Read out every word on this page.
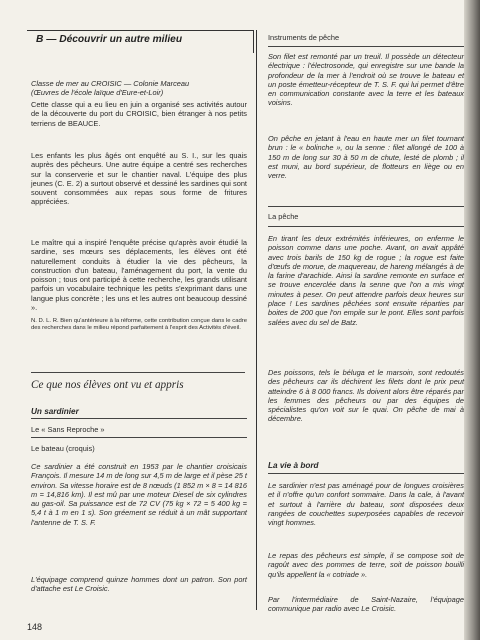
B — Découvrir un autre milieu
Classe de mer au CROISIC — Colonie Marceau
(Œuvres de l'école laïque d'Eure-et-Loir)

Cette classe qui a eu lieu en juin a organisé ses activités autour de la découverte du port du CROISIC, bien étranger à nos petits terriens de BEAUCE.

Les enfants les plus âgés ont enquêté au S. I., sur les quais auprès des pêcheurs. Une autre équipe a centré ses recherches sur la conserverie et sur le chantier naval. L'équipe des plus jeunes (C. E. 2) a surtout observé et dessiné les sardines qui sont souvent consommées aux repas sous forme de fritures appréciées.

Le maître qui a inspiré l'enquête précise qu'après avoir étudié la sardine, ses mœurs ses déplacements, les élèves ont été naturellement conduits à étudier la vie des pêcheurs, la construction d'un bateau, l'aménagement du port, la vente du poisson ; tous ont participé à cette recherche, les grands utilisant parfois un vocabulaire technique les petits s'exprimant dans une langue plus concrète ; les uns et les autres ont beaucoup dessiné ».

N. D. L. R. Bien qu'antérieure à la réforme, cette contribution conçue dans le cadre des recherches dans le milieu répond parfaitement à l'esprit des Activités d'éveil.

Ce que nos élèves ont vu et appris
Un sardinier
Le « Sans Reproche »
Le bateau (croquis)

Ce sardinier a été construit en 1953 par le chantier croisicais François. Il mesure 14 m de long sur 4,5 m de large et il pèse 25 t environ. Sa vitesse horaire est de 8 nœuds (1 852 m × 8 = 14 816 m = 14,816 km). Il est mû par une moteur Diesel de six cylindres au gas-oil. Sa puissance est de 72 CV (75 kg × 72 = 5 400 kg = 5,4 t à 1 m en 1 s). Son gréement se réduit à un mât supportant l'antenne de T. S. F.

L'équipage comprend quinze hommes dont un patron. Son port d'attache est Le Croisic.

Instruments de pêche

Son filet est remonté par un treuil. Il possède un détecteur électrique : l'électrosonde, qui enregistre sur une bande la profondeur de la mer à l'endroit où se trouve le bateau et un poste émetteur-récepteur de T. S. F. qui lui permet d'être en communication constante avec la terre et les bateaux voisins.

On pêche en jetant à l'eau en haute mer un filet tournant brun : le « bolinche », ou la senne : filet allongé de 100 à 150 m de long sur 30 à 50 m de chute, lesté de plomb ; il est muni, au bord supérieur, de flotteurs en liège ou en verre.

La pêche

En tirant les deux extrémités inférieures, on enferme le poisson comme dans une poche. Avant, on avait appâté avec trois barils de 150 kg de rogue ; la rogue est faite d'œufs de morue, de maquereau, de hareng mélangés à de la farine d'arachide. Ainsi la sardine remonte en surface et se trouve encerclée dans la senne que l'on a mis vingt minutes à peser. On peut attendre parfois deux heures sur place ! Les sardines pêchées sont ensuite réparties par boites de 200 que l'on empile sur le pont. Elles sont parfois salées avec du sel de Batz.

Des poissons, tels le béluga et le marsoin, sont redoutés des pêcheurs car ils déchirent les filets dont le prix peut atteindre 6 à 8 000 francs. Ils doivent alors être réparés par les femmes des pêcheurs ou par des équipes de spécialistes qu'on voit sur le quai. On pêche de mai à décembre.

La vie à bord

Le sardinier n'est pas aménagé pour de longues croisières et il n'offre qu'un confort sommaire. Dans la cale, à l'avant et surtout à l'arrière du bateau, sont disposées deux rangées de couchettes superposées capables de recevoir vingt hommes.

Le repas des pêcheurs est simple, il se compose soit de ragoût avec des pommes de terre, soit de poisson bouilli qu'ils appellent la « cotriade ».

Par l'intermédiaire de Saint-Nazaire, l'équipage communique par radio avec Le Croisic.

148
